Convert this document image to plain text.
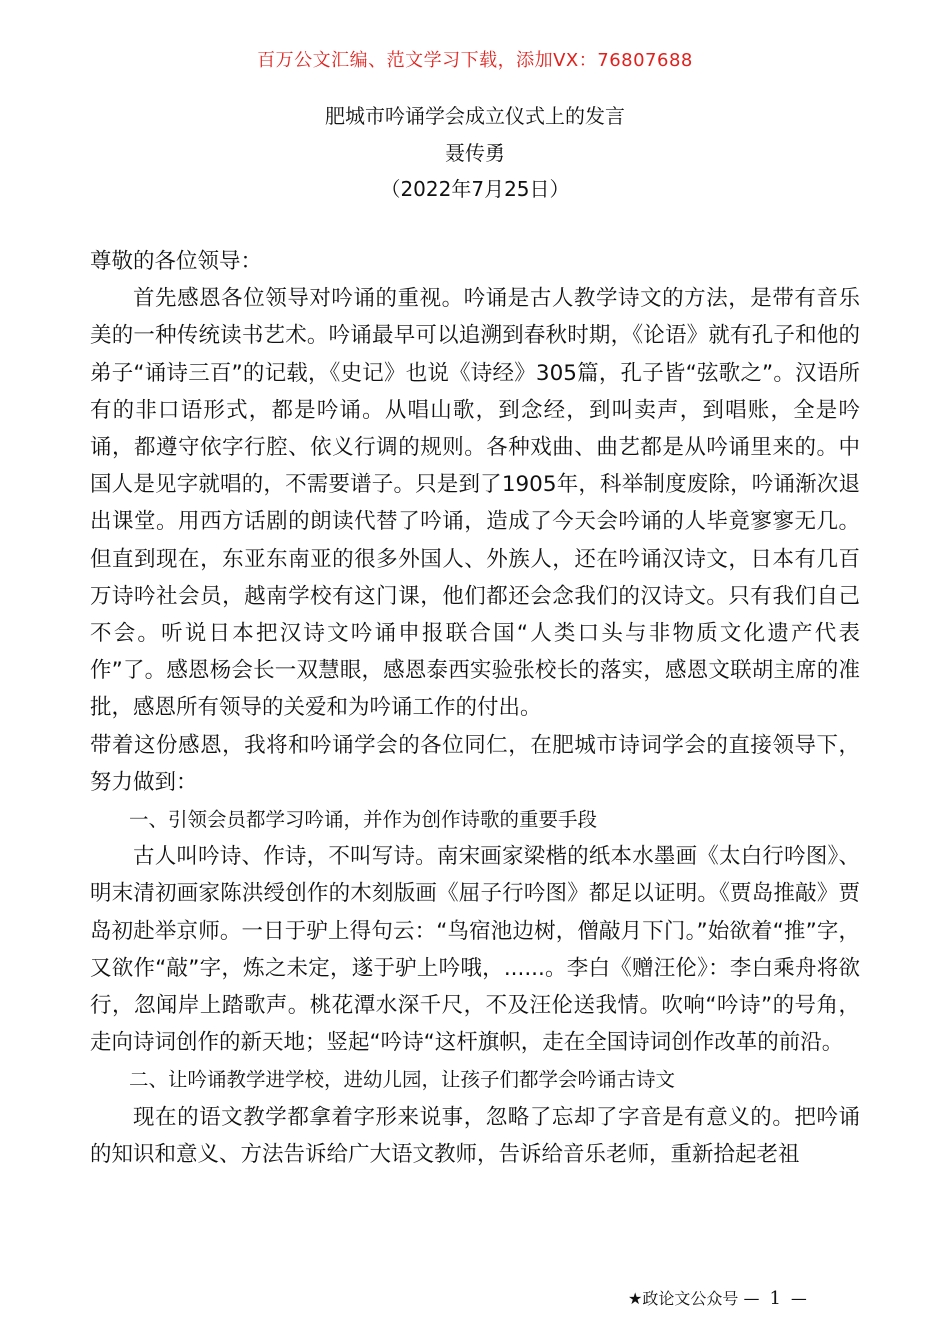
百万公文汇编、范文学习下载，添加VX：76807688
肥城市吟诵学会成立仪式上的发言
聂传勇
（2022年7月25日）

尊敬的各位领导：

首先感恩各位领导对吟诵的重视。吟诵是古人教学诗文的方法，是带有音乐美的一种传统读书艺术。吟诵最早可以追溯到春秋时期，《论语》就有孔子和他的弟子“诵诗三百”的记载，《史记》也说《诗经》305篇，孔子皆“弦歌之”。汉语所有的非口语形式，都是吟诵。从唱山歌，到念经，到叫卖声，到唱账，全是吟诵，都遵守依字行腔、依义行调的规则。各种戏曲、曲艺都是从吟诵里来的。中国人是见字就唱的，不需要谱子。只是到了1905年，科举制度废除，吟诵渐次退出课堂。用西方话剧的朗读代替了吟诵，造成了今天会吟诵的人毕竟寥寥无几。但直到现在，东亚东南亚的很多外国人、外族人，还在吟诵汉诗文，日本有几百万诗吟社会员，越南学校有这门课，他们都还会念我们的汉诗文。只有我们自己不会。听说日本把汉诗文吟诵申报联合国“人类口头与非物质文化遗产代表作”了。感恩杨会长一双慧眼，感恩泰西实验张校长的落实，感恩文联胡主席的准批，感恩所有领导的关爱和为吟诵工作的付出。

带着这份感恩，我将和吟诵学会的各位同仁，在肥城市诗词学会的直接领导下，努力做到：

一、引领会员都学习吟诵，并作为创作诗歌的重要手段

古人叫吟诗、作诗，不叫写诗。南宋画家梁楷的纸本水墨画《太白行吟图》、明末清初画家陈洪绶创作的木刻版画《屈子行吟图》都足以证明。《贾岛推敲》贾岛初赴举京师。一日于驴上得句云：“鸟宿池边树，僧敲月下门。”始欲着“推”字，又欲作“敲”字，炼之未定，遂于驴上吟哦，......。李白《赠汪伦》：李白乘舟将欲行，忽闻岸上踏歌声。桃花潭水深千尺，不及汪伦送我情。吹响“吟诗”的号角，走向诗词创作的新天地；竖起“吟诗“这杆旗帜，走在全国诗词创作改革的前沿。

二、让吟诵教学进学校，进幼儿园，让孩子们都学会吟诵古诗文

现在的语文教学都拿着字形来说事，忽略了忘却了字音是有意义的。把吟诵的知识和意义、方法告诉给广大语文教师，告诉给音乐老师，重新拾起老祖

★政论文公众号 — 1 —
